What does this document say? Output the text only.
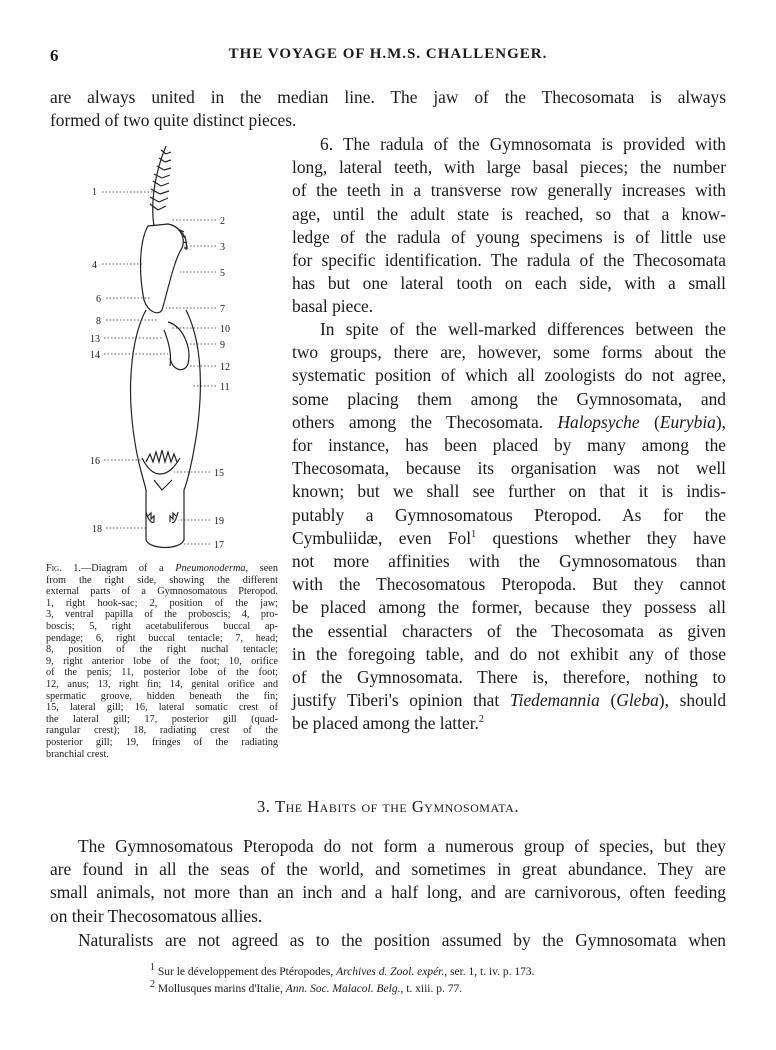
6	THE VOYAGE OF H.M.S. CHALLENGER.
are always united in the median line. The jaw of the Thecosomata is always
formed of two quite distinct pieces.
6. The radula of the Gymnosomata is provided with
long, lateral teeth, with large basal pieces; the number
of the teeth in a transverse row generally increases with
age, until the adult state is reached, so that a know-
ledge of the radula of young specimens is of little use
for specific identification. The radula of the Thecosomata
has but one lateral tooth on each side, with a small
basal piece.
In spite of the well-marked differences between the
two groups, there are, however, some forms about the
systematic position of which all zoologists do not agree,
some placing them among the Gymnosomata, and
others among the Thecosomata. Halopsyche (Eurybia),
for instance, has been placed by many among the
Thecosomata, because its organisation was not well
known; but we shall see further on that it is indis-
putably a Gymnosomatous Pteropod. As for the
Cymbuliidæ, even Fol$^1$ questions whether they have
not more affinities with the Gymnosomatous than
with the Thecosomatous Pteropoda. But they cannot
be placed among the former, because they possess all
the essential characters of the Thecosomata as given
in the foregoing table, and do not exhibit any of those
of the Gymnosomata. There is, therefore, nothing to
justify Tiberi's opinion that Tiedemannia (Gleba), should
be placed among the latter.$^2$
1
2
3
4
5
6
7
8
10
13
9
14
12
11
16
15
18
19
17
Fig. 1.—Diagram of a Pneumonoderma, seen
from the right side, showing the different
external parts of a Gymnosomatous Pteropod.
1, right hook-sac; 2, position of the jaw;
3, ventral papilla of the proboscis; 4, pro-
boscis; 5, right acetabuliferous buccal ap-
pendage; 6, right buccal tentacle; 7, head;
8, position of the right nuchal tentacle;
9, right anterior lobe of the foot; 10, orifice
of the penis; 11, posterior lobe of the foot;
12, anus; 13, right fin; 14, genital orifice and
spermatic groove, hidden beneath the fin;
15, lateral gill; 16, lateral somatic crest of
the lateral gill; 17, posterior gill (quad-
rangular crest); 18, radiating crest of the
posterior gill; 19, fringes of the radiating
branchial crest.
3. The Habits of the Gymnosomata.
The Gymnosomatous Pteropoda do not form a numerous group of species, but they
are found in all the seas of the world, and sometimes in great abundance. They are
small animals, not more than an inch and a half long, and are carnivorous, often feeding
on their Thecosomatous allies.
Naturalists are not agreed as to the position assumed by the Gymnosomata when
$^1$ Sur le développement des Ptéropodes, Archives d. Zool. expér., ser. 1, t. iv. p. 173.
$^2$ Mollusques marins d'Italie, Ann. Soc. Malacol. Belg., t. xiii. p. 77.
